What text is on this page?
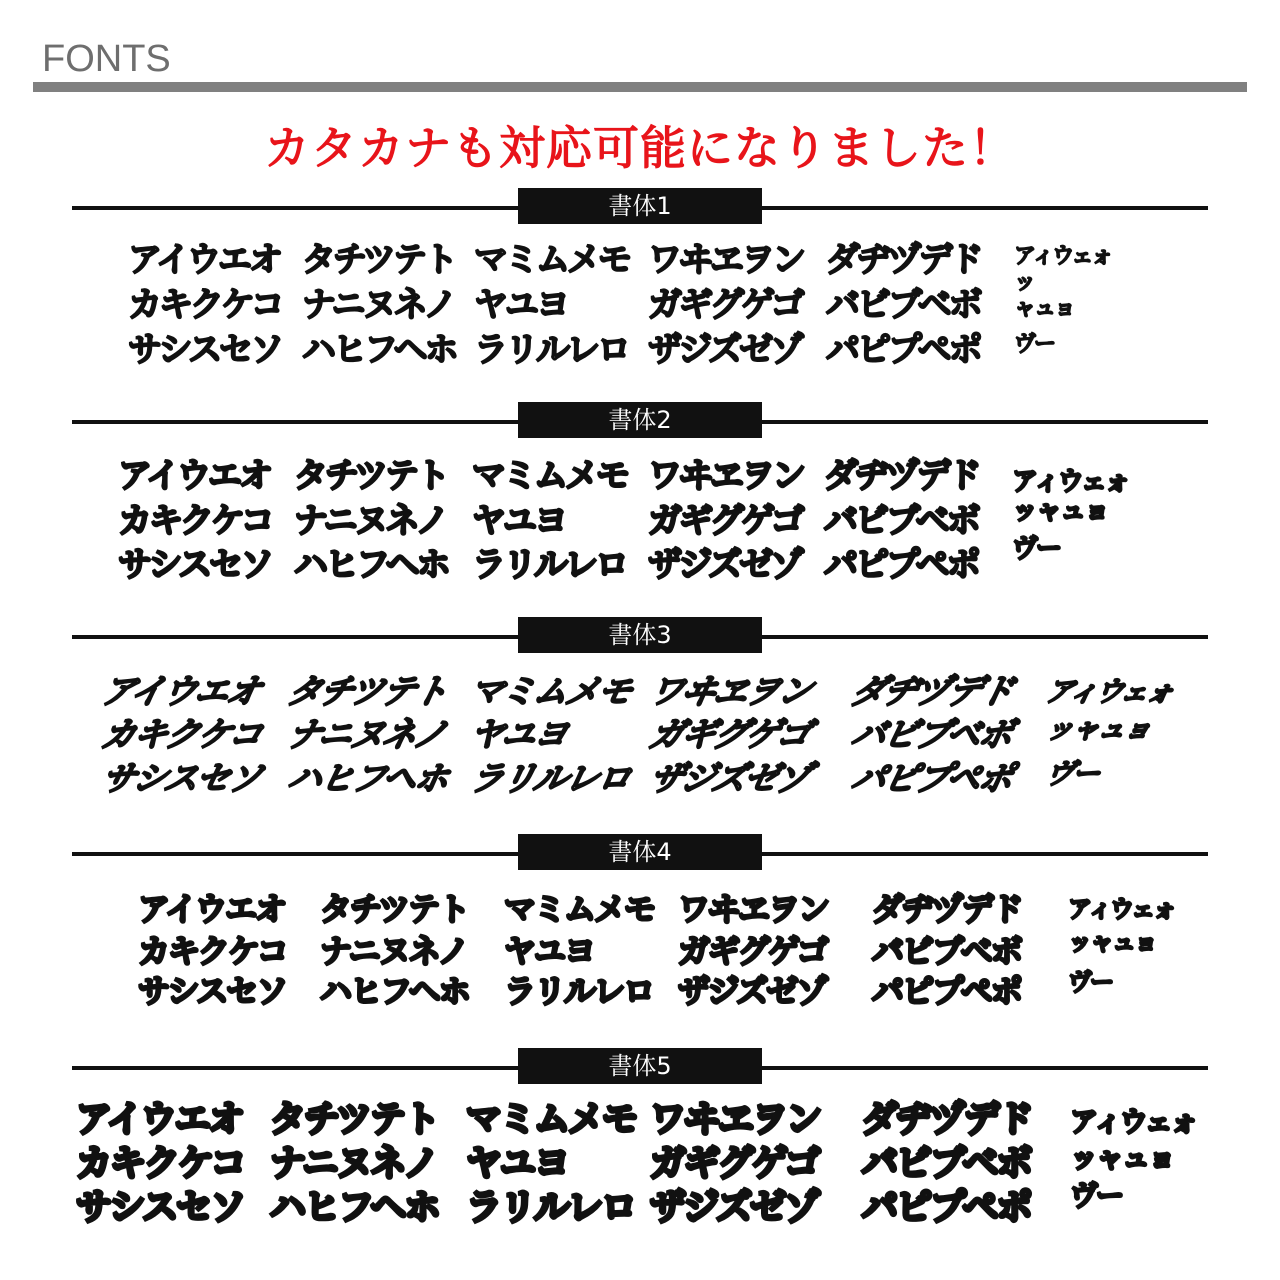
FONTS
カタカナも対応可能になりました！
書体1
アイウエオ タチツテト マミムメモ ワヰヱヲン ダヂヅデド アィウェォ
カキクケコ ナニヌネノ ヤユヨ ガギグゲゴ バビブベボ
ッ
サシスセソ ハヒフヘホ ラリルレロ ザジズゼゾ パピプペポ
ャュョ
ヴー
書体2
アイウエオ タチツテト マミムメモ ワヰヱヲン ダヂヅデド アィウェォ
カキクケコ ナニヌネノ ヤユヨ ガギグゲゴ バビブベボ ッャュョ
サシスセソ ハヒフヘホ ラリルレロ ザジズゼゾ パピプペポ ヴー
書体3
アイウエオ タチツテト マミムメモ ワヰヱヲン ダヂヅデド アィウェォ
カキクケコ ナニヌネノ ヤユヨ ガギグゲゴ バビブベボ ッャュョ
サシスセソ ハヒフヘホ ラリルレロ ザジズゼゾ パピプペポ ヴー
書体4
アイウエオ タチツテト マミムメモ ワヰヱヲン ダヂヅデド アィウェォ
カキクケコ ナニヌネノ ヤユヨ	ガギグゲゴ バビブベボ ッャュョ
サシスセソ ハヒフヘホ ラリルレロ ザジズゼゾ パピプペポ ヴー
書体5
アイウエオ タチツテト マミムメモ ワヰヱヲン ダヂヅデド アィウェォ
カキクケコ ナニヌネノ ヤユヨ ガギグゲゴ バビブベボ ッャュョ
サシスセソ ハヒフヘホ ラリルレロ ザジズゼゾ パピプペポ ヴー
